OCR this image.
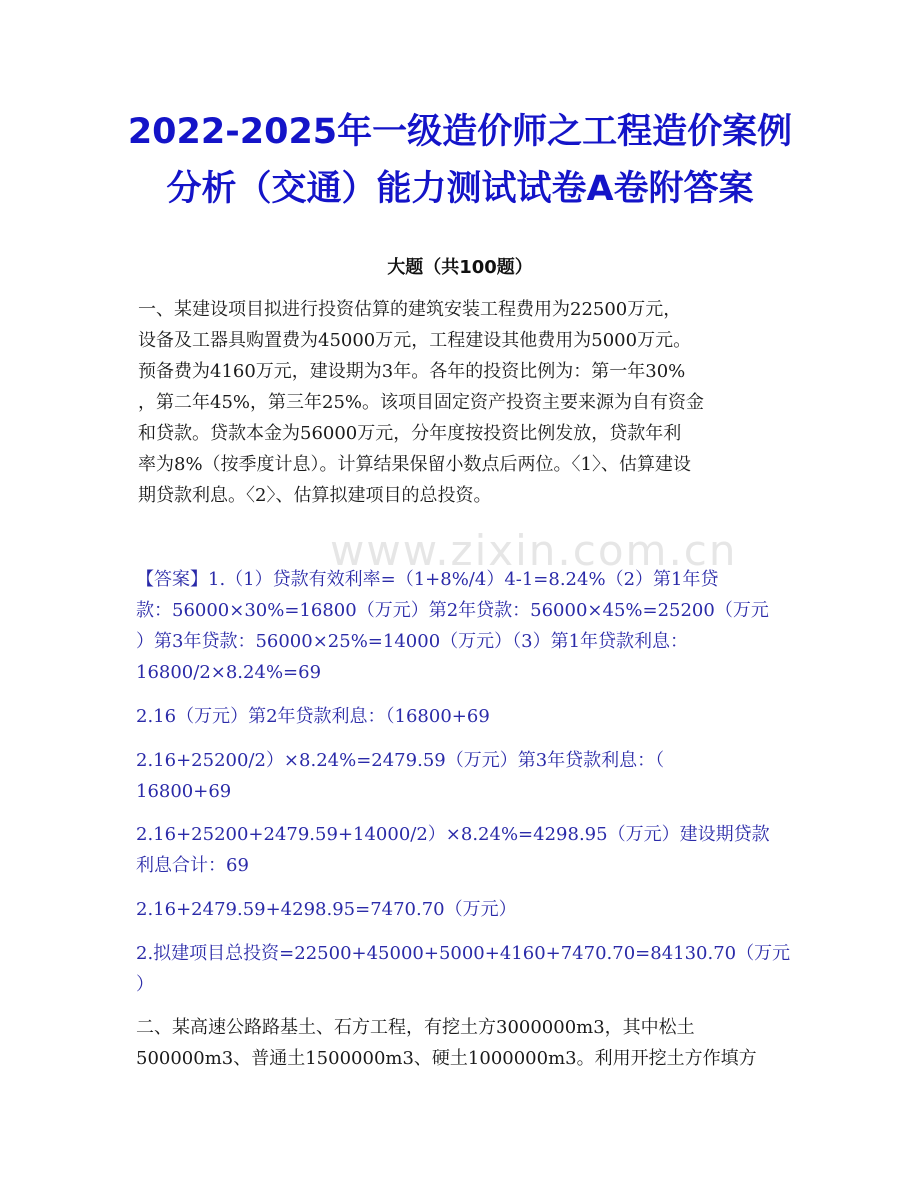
www.zixin.com.cn
2022-2025年一级造价师之工程造价案例
分析（交通）能力测试试卷A卷附答案
大题（共100题）
一、某建设项目拟进行投资估算的建筑安装工程费用为22500万元，
设备及工器具购置费为45000万元，工程建设其他费用为5000万元。
预备费为4160万元，建设期为3年。各年的投资比例为：第一年30%
，第二年45%，第三年25%。该项目固定资产投资主要来源为自有资金
和贷款。贷款本金为56000万元，分年度按投资比例发放，贷款年利
率为8%（按季度计息）。计算结果保留小数点后两位。〈1〉、估算建设
期贷款利息。〈2〉、估算拟建项目的总投资。
【答案】1.（1）贷款有效利率=（1+8%/4）4-1=8.24%（2）第1年贷
款：56000×30%=16800（万元）第2年贷款：56000×45%=25200（万元
）第3年贷款：56000×25%=14000（万元）（3）第1年贷款利息：
16800/2×8.24%=69
2.16（万元）第2年贷款利息：（16800+69
2.16+25200/2）×8.24%=2479.59（万元）第3年贷款利息：（
16800+69
2.16+25200+2479.59+14000/2）×8.24%=4298.95（万元）建设期贷款
利息合计：69
2.16+2479.59+4298.95=7470.70（万元）
2.拟建项目总投资=22500+45000+5000+4160+7470.70=84130.70（万元
）
二、某高速公路路基土、石方工程，有挖土方3000000m3，其中松土
500000m3、普通土1500000m3、硬土1000000m3。利用开挖土方作填方
